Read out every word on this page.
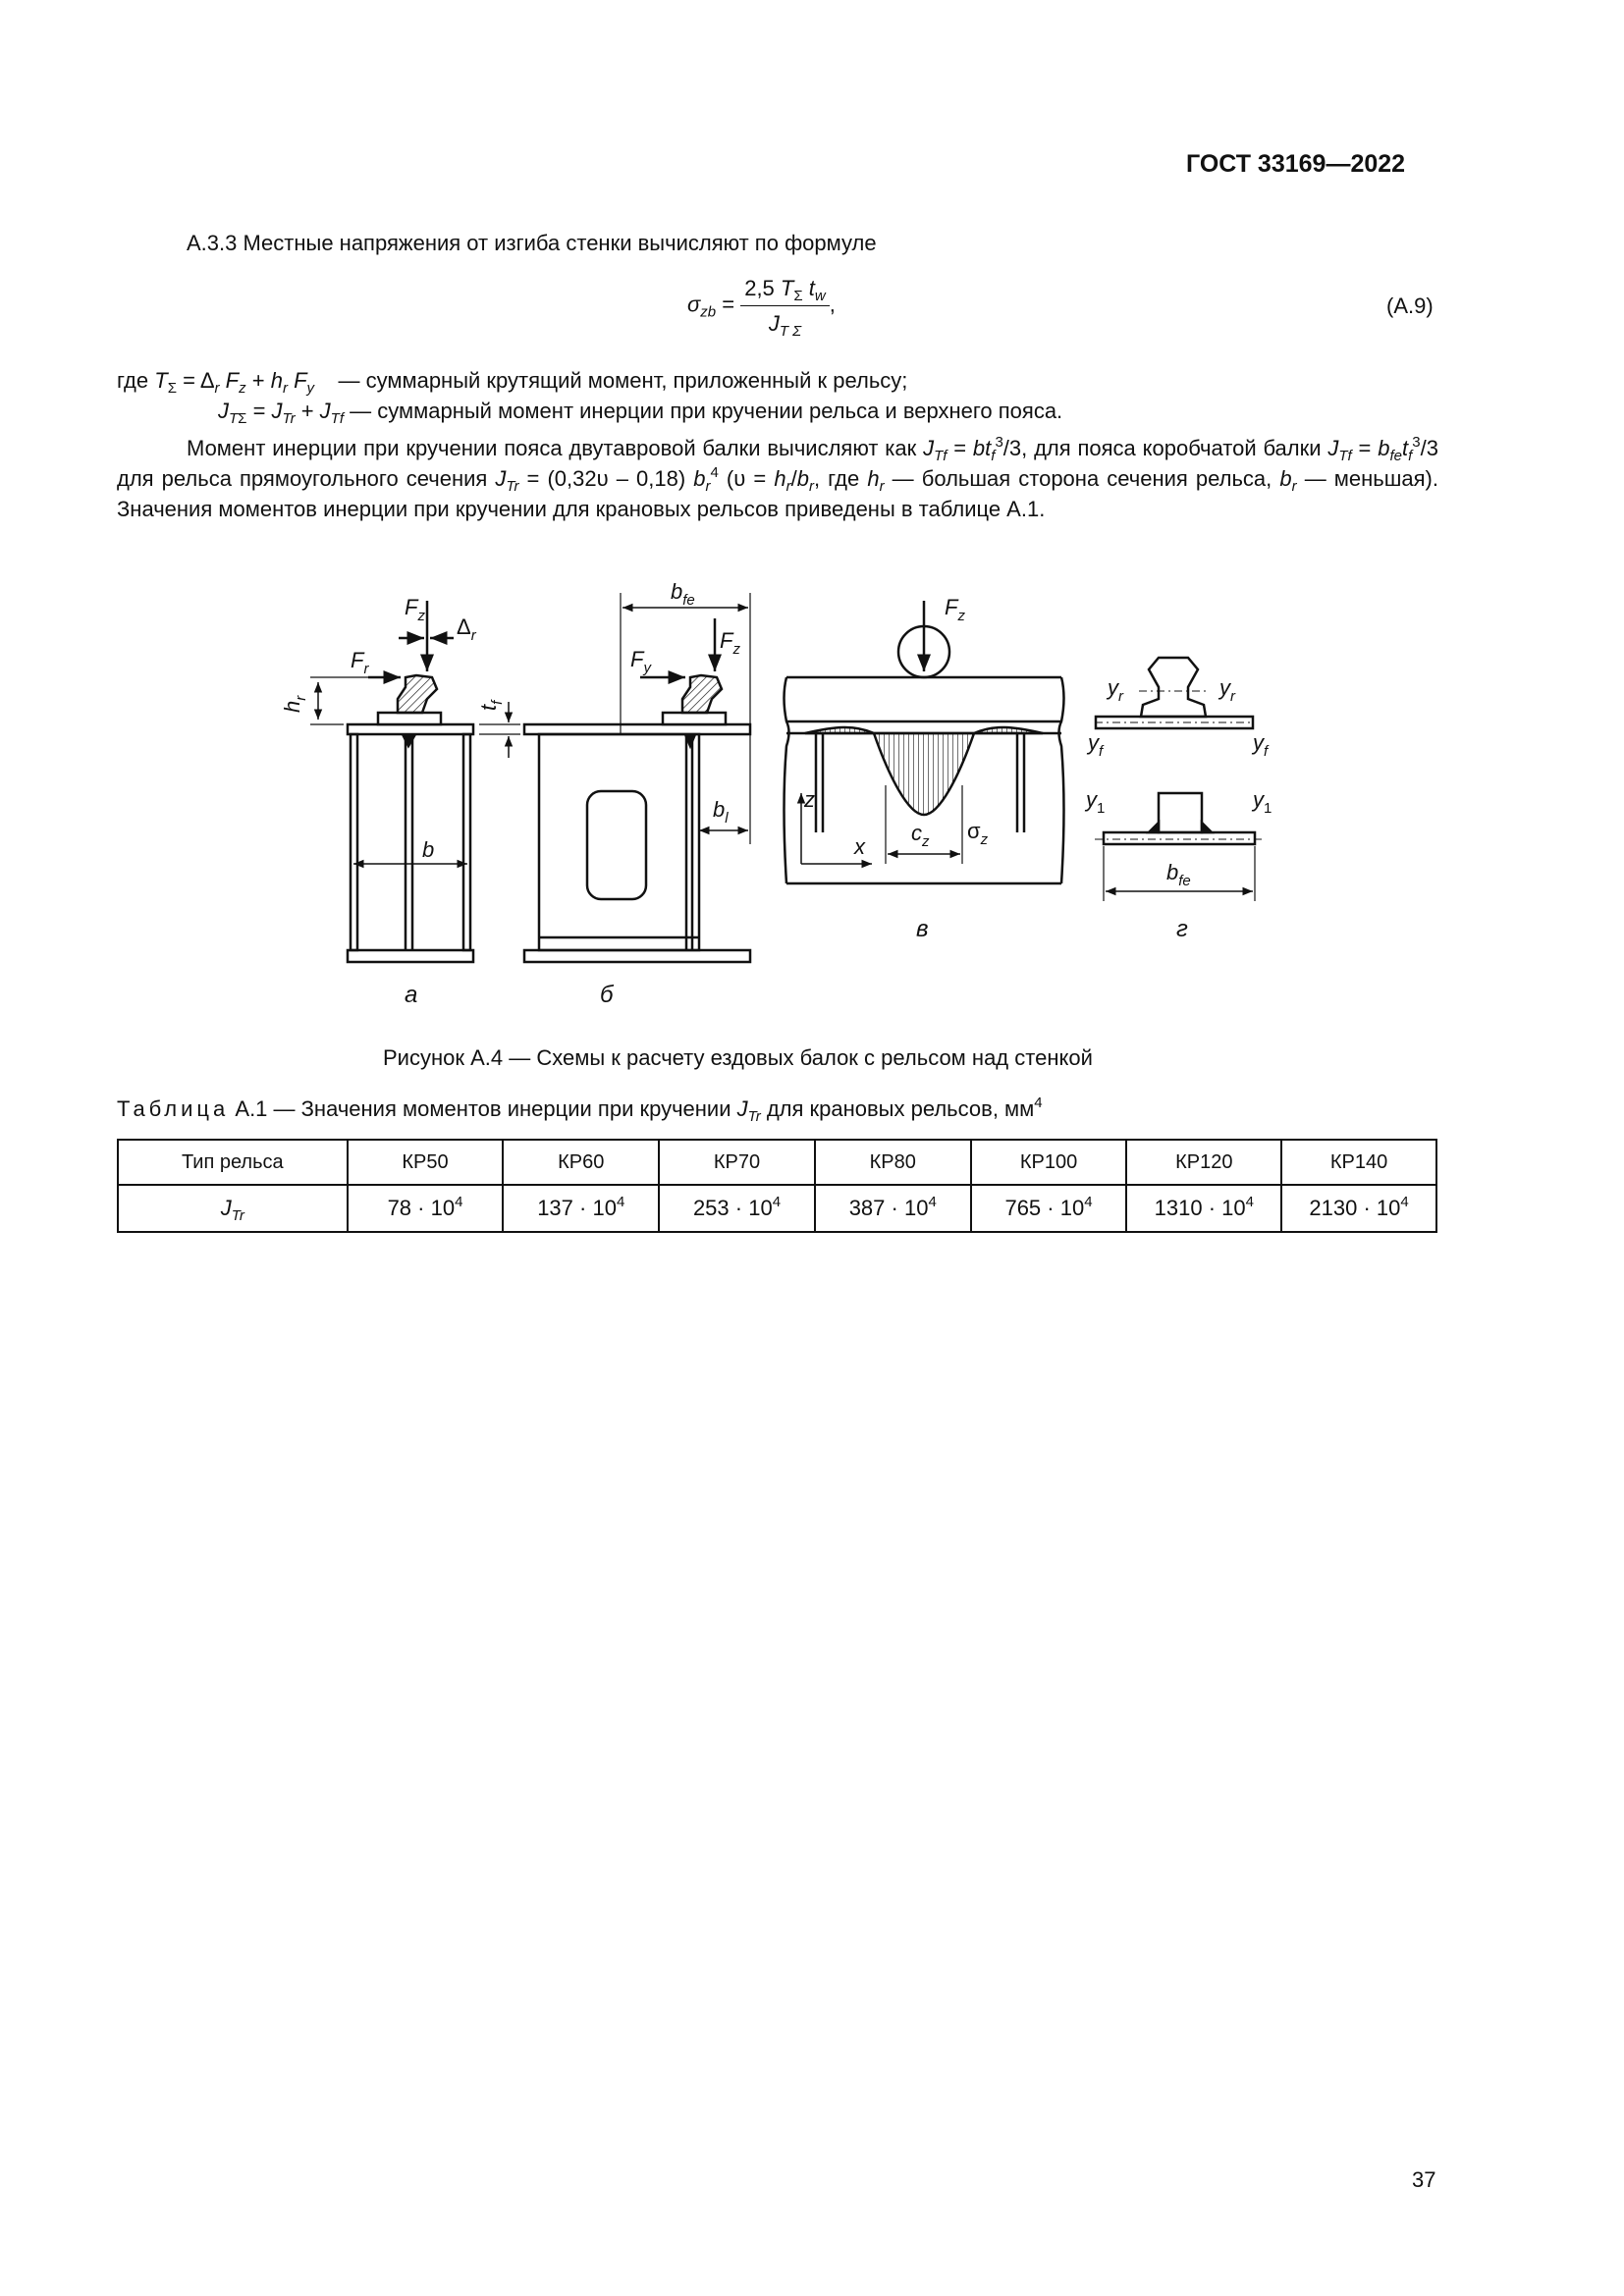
ГОСТ 33169—2022
А.3.3 Местные напряжения от изгиба стенки вычисляют по формуле
$\sigma_{zb} = \frac{2,5 T_\Sigma t_w}{J_{T \Sigma}}$ ,	(А.9)
где $T_\Sigma = \Delta_r$ $F_z + h_r$ $F_y$ — суммарный крутящий момент, приложенный к рельсу;
$J_{T\Sigma} = J_{Tr} + J_{Tf}$ — суммарный момент инерции при кручении рельса и верхнего пояса.
Момент инерции при кручении пояса двутавровой балки вычисляют как $J_{Tf} = bt_f^3/3$, для пояса коробчатой балки $J_{Tf} = b_{fe}t_f^3/3$ для рельса прямоугольного сечения $J_{Tr} = (0,32\upsilon - 0,18)$ $b_r^4$ ($\upsilon = h_r/b_r$, где $h_r$ — большая сторона сечения рельса, $b_r$ — меньшая). Значения моментов инерции при кручении для крановых рельсов приведены в таблице А.1.
$F_z$
$F_r$
$\Delta_r$
$h_r$
$t_f$
b
$b_{fe}$
$F_z$
$F_y$
$b_l$
$F_z$
z
x
$c_z$ $\sigma_z$
$y_r$	$y_r$
$y_f$	$y_f$
$y_1$	$y_1$
$b_{fe}$
а	б
в	г
Рисунок А.4 — Схемы к расчету ездовых балок с рельсом над стенкой
Таблица А.1 — Значения моментов инерции при кручении $J_{Tr}$ для крановых рельсов, $мм^4$
Тип рельса	КР50	КР60	КР70	КР80	КР100	КР120	КР140
$J_{Tr}$	$78 \cdot 10^4$	$137 \cdot 10^4$	$253 \cdot 10^4$	$387 \cdot 10^4$	$765 \cdot 10^4$	$1310 \cdot 10^4$	$2130 \cdot 10^4$
37
